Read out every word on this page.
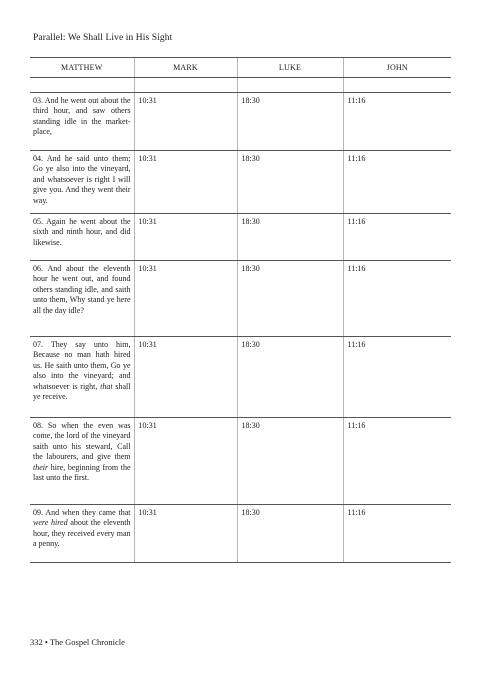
Parallel: We Shall Live in His Sight
MATTHEW	MARK	LUKE	JOHN

03. And he went out about the third hour, and saw others standing idle in the marketplace,	10:31	18:30	11:16
04. And he said unto them; Go ye also into the vineyard, and whatsoever is right I will give you. And they went their way.	10:31	18:30	11:16
05. Again he went about the sixth and ninth hour, and did likewise.	10:31	18:30	11:16
06. And about the eleventh hour he went out, and found others standing idle, and saith unto them, Why stand ye here all the day idle?	10:31	18:30	11:16
07. They say unto him, Because no man hath hired us. He saith unto them, Go ye also into the vineyard; and whatsoever is right, that shall ye receive.	10:31	18:30	11:16
08. So when the even was come, the lord of the vineyard saith unto his steward, Call the labourers, and give them their hire, beginning from the last unto the first.	10:31	18:30	11:16
09. And when they came that were hired about the eleventh hour, they received every man a penny.	10:31	18:30	11:16
332 • The Gospel Chronicle
